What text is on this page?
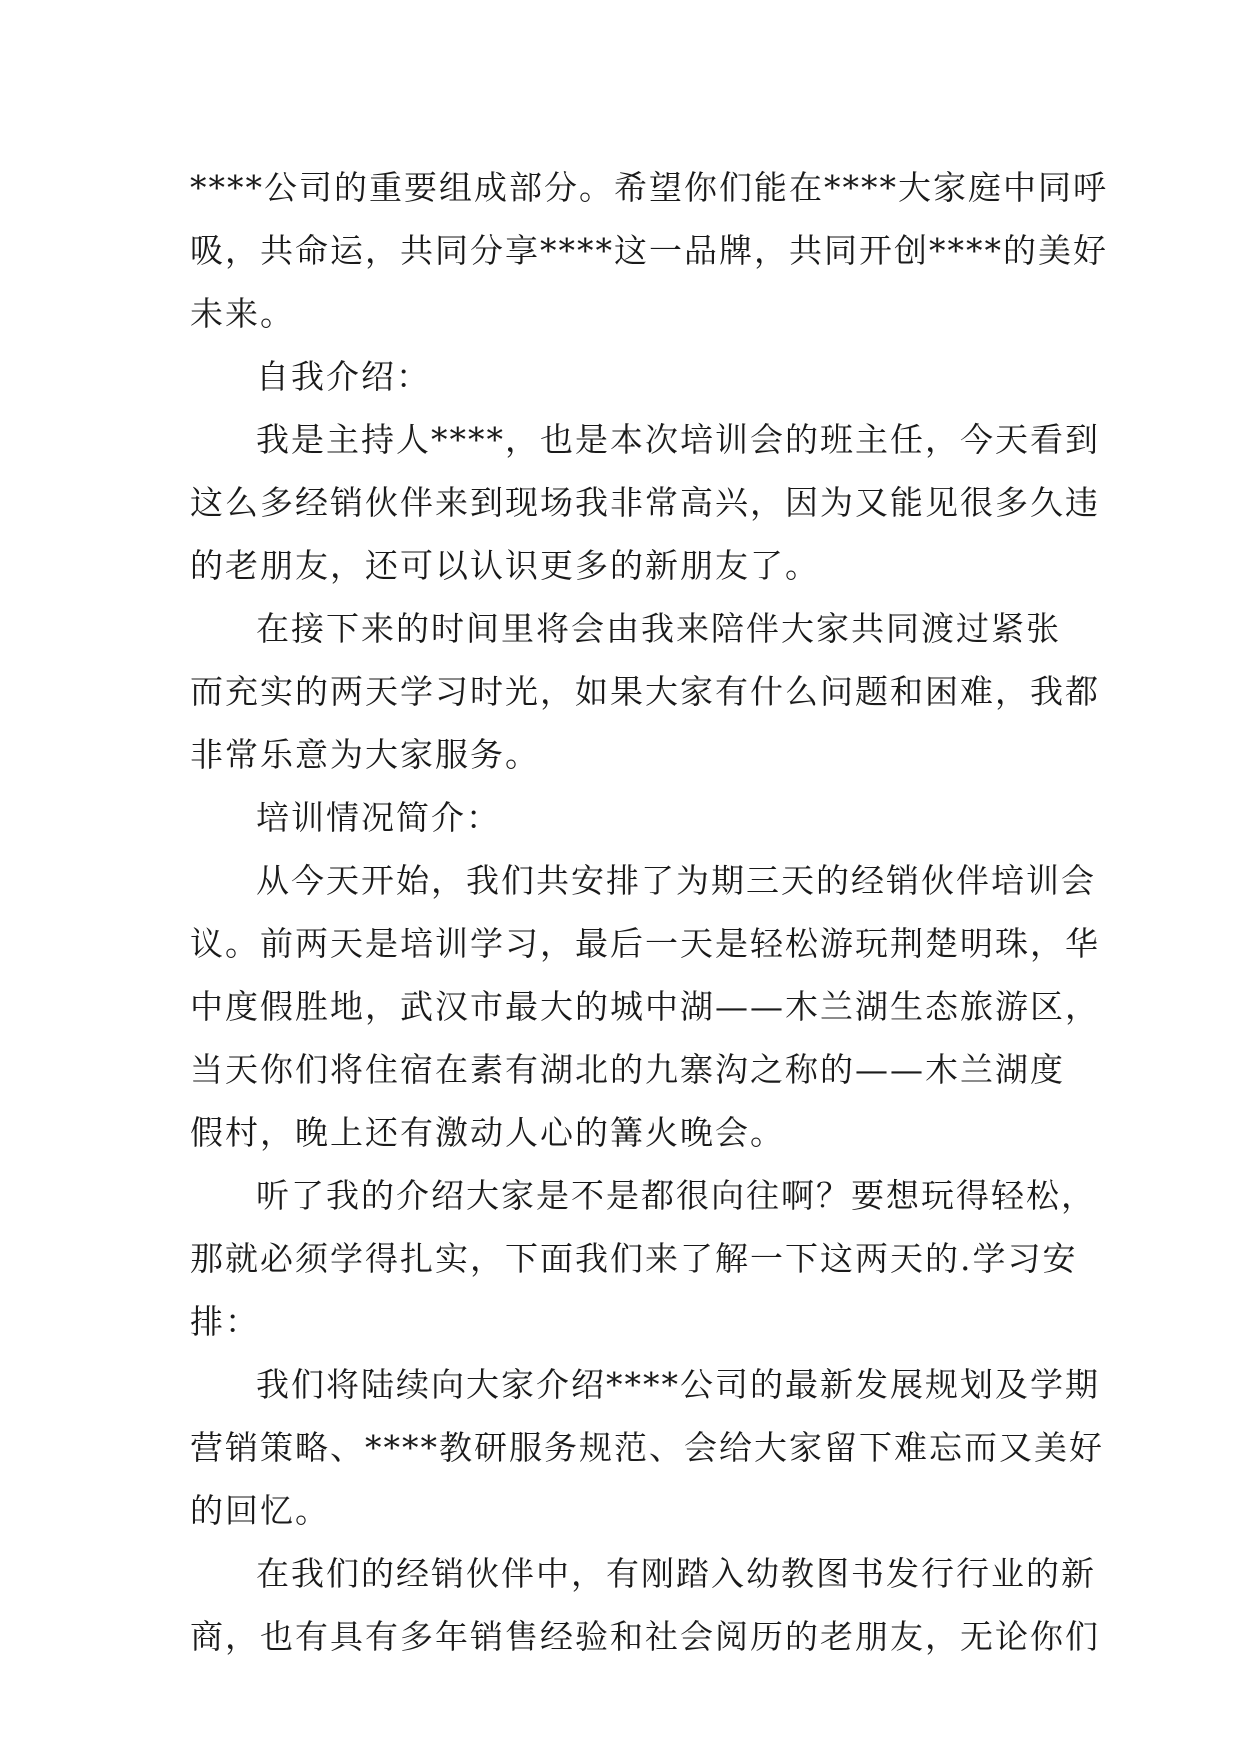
****公司的重要组成部分。希望你们能在****大家庭中同呼
吸，共命运，共同分享****这一品牌，共同开创****的美好
未来。
自我介绍：
我是主持人****，也是本次培训会的班主任，今天看到
这么多经销伙伴来到现场我非常高兴，因为又能见很多久违
的老朋友，还可以认识更多的新朋友了。
在接下来的时间里将会由我来陪伴大家共同渡过紧张
而充实的两天学习时光，如果大家有什么问题和困难，我都
非常乐意为大家服务。
培训情况简介：
从今天开始，我们共安排了为期三天的经销伙伴培训会
议。前两天是培训学习，最后一天是轻松游玩荆楚明珠，华
中度假胜地，武汉市最大的城中湖——木兰湖生态旅游区，
当天你们将住宿在素有湖北的九寨沟之称的——木兰湖度
假村，晚上还有激动人心的篝火晚会。
听了我的介绍大家是不是都很向往啊？要想玩得轻松，
那就必须学得扎实，下面我们来了解一下这两天的.学习安
排：
我们将陆续向大家介绍****公司的最新发展规划及学期
营销策略、****教研服务规范、会给大家留下难忘而又美好
的回忆。
在我们的经销伙伴中，有刚踏入幼教图书发行行业的新
商，也有具有多年销售经验和社会阅历的老朋友，无论你们
